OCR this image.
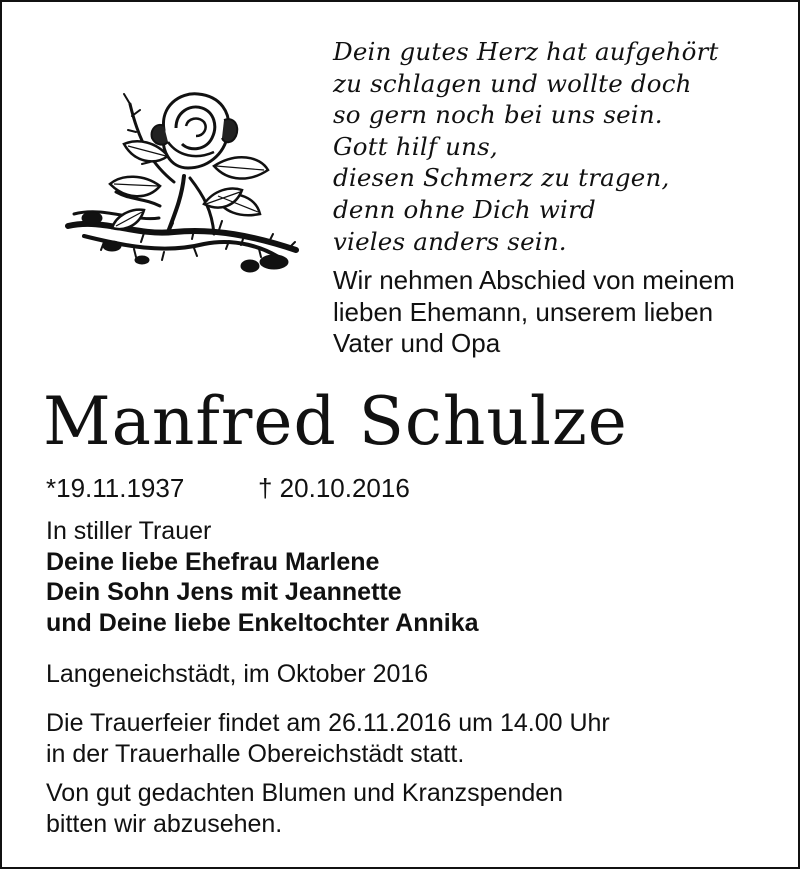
Dein gutes Herz hat aufgehört
zu schlagen und wollte doch
so gern noch bei uns sein.
Gott hilf uns,
diesen Schmerz zu tragen,
denn ohne Dich wird
vieles anders sein.
Wir nehmen Abschied von meinem
lieben Ehemann, unserem lieben
Vater und Opa
Manfred Schulze
*19.11.1937	† 20.10.2016
In stiller Trauer
Deine liebe Ehefrau Marlene
Dein Sohn Jens mit Jeannette
und Deine liebe Enkeltochter Annika
Langeneichstädt, im Oktober 2016
Die Trauerfeier findet am 26.11.2016 um 14.00 Uhr
in der Trauerhalle Obereichstädt statt.
Von gut gedachten Blumen und Kranzspenden
bitten wir abzusehen.
